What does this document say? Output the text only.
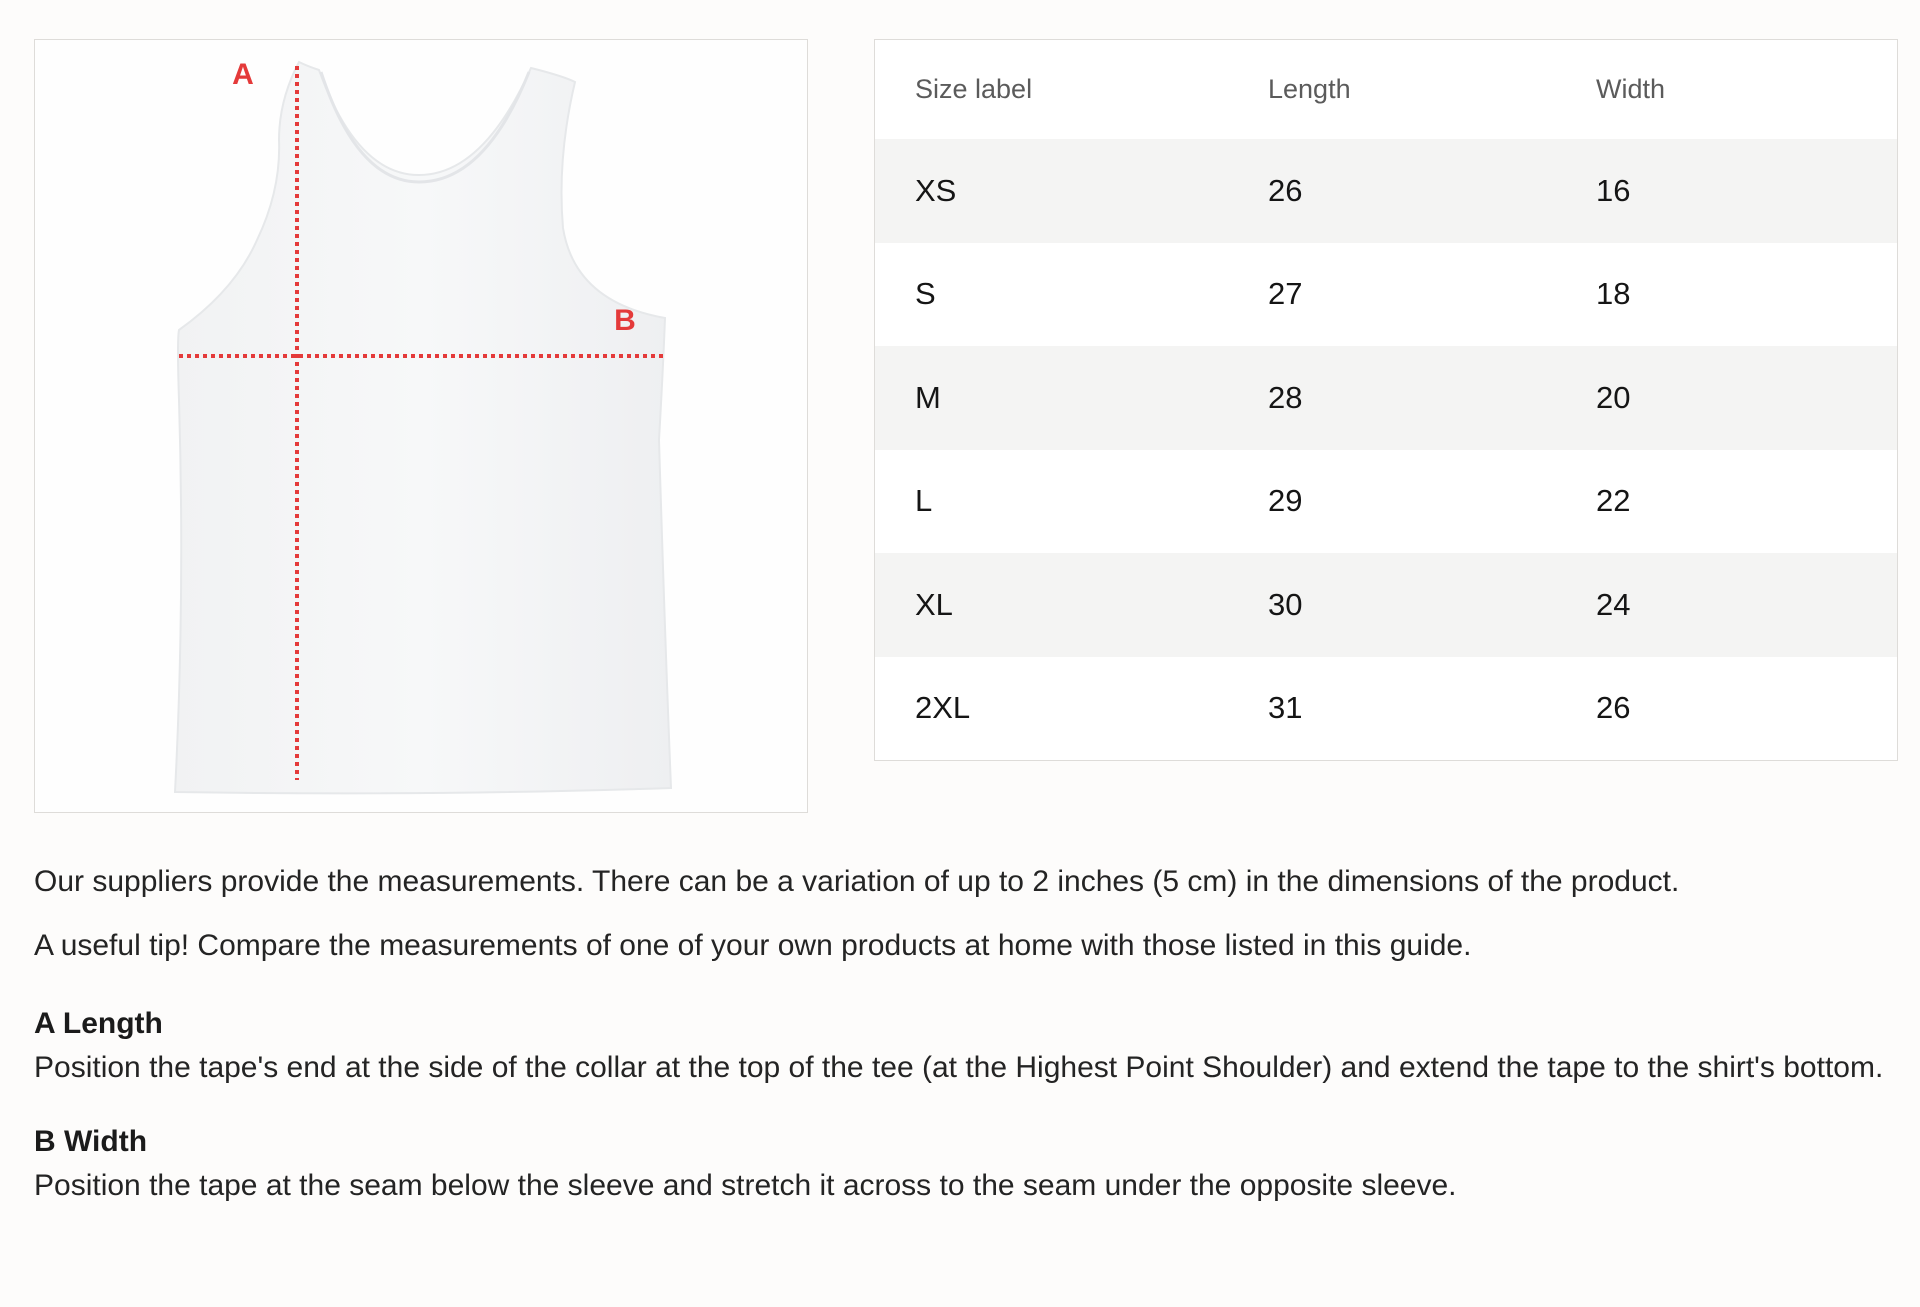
A
B
Size label	Length	Width
XS	26	16
S	27	18
M	28	20
L	29	22
XL	30	24
2XL	31	26

Our suppliers provide the measurements. There can be a variation of up to 2 inches (5 cm) in the dimensions of the product.

A useful tip! Compare the measurements of one of your own products at home with those listed in this guide.

A Length

Position the tape's end at the side of the collar at the top of the tee (at the Highest Point Shoulder) and extend the tape to the shirt's bottom.

B Width

Position the tape at the seam below the sleeve and stretch it across to the seam under the opposite sleeve.
